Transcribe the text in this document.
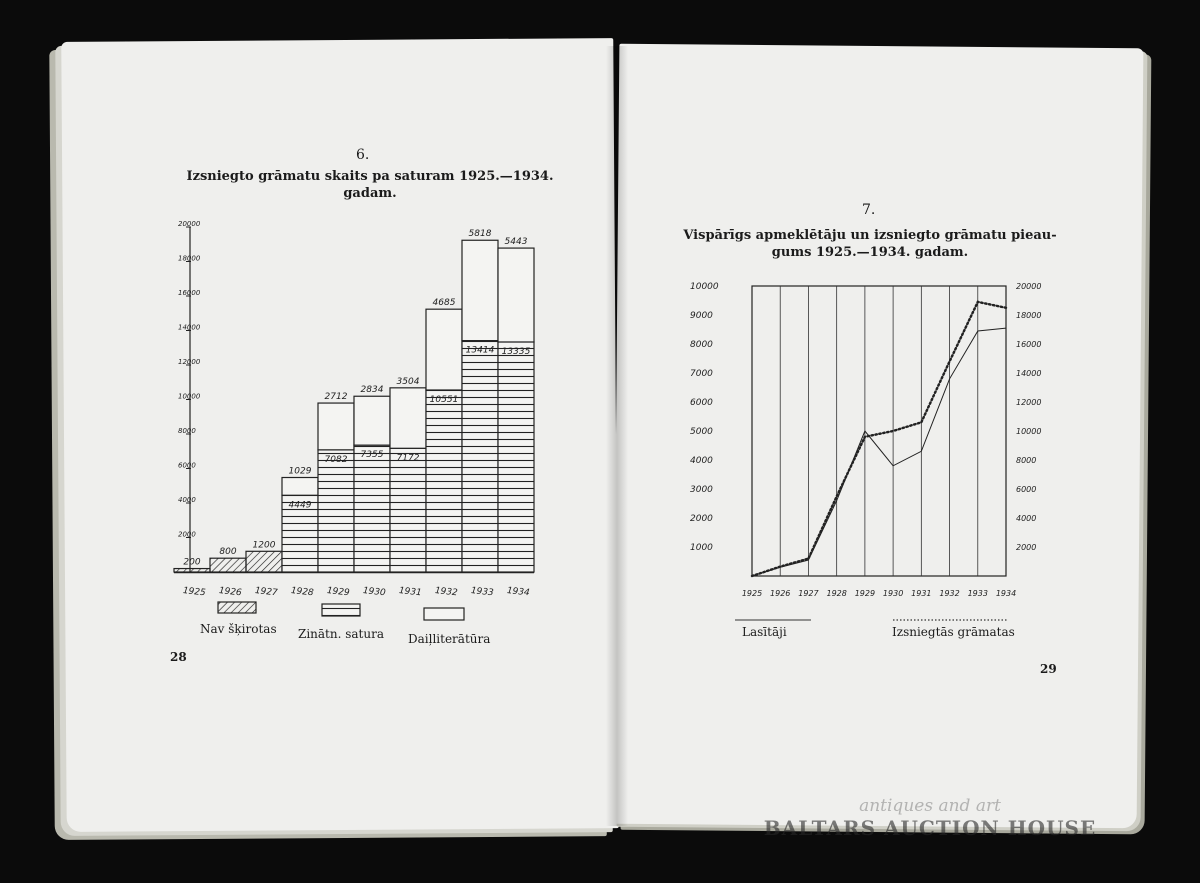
6.
Izsniegto grāmatu skaits pa saturam 1925.—1934.
gadam.
2000
4000
6000
8000
10000
12000
14000
16000
18000
20000
200
1925
800
1926
1200
1927
4449
1029
1928
7082
2712
1929
7355
2834
1930
7172
3504
1931
10551
4685
1932
13414
5818
1933
13335
5443
1934
Nav šķirotas Zinātn. satura Daiļliterātūra
28
7.
Vispārīgs apmeklētāju un izsniegto grāmatu pieau-
gums 1925.—1934. gadam.
1000
2000
3000
4000
5000
6000
7000
8000
9000
10000
2000
4000
6000
8000
10000
12000
14000
16000
18000
20000
1925 1926 1927 1928 1929 1930 1931 1932 1933 1934
Lasītāji	Izsniegtās grāmatas
29
antiques and art
BALTARS AUCTION HOUSE
